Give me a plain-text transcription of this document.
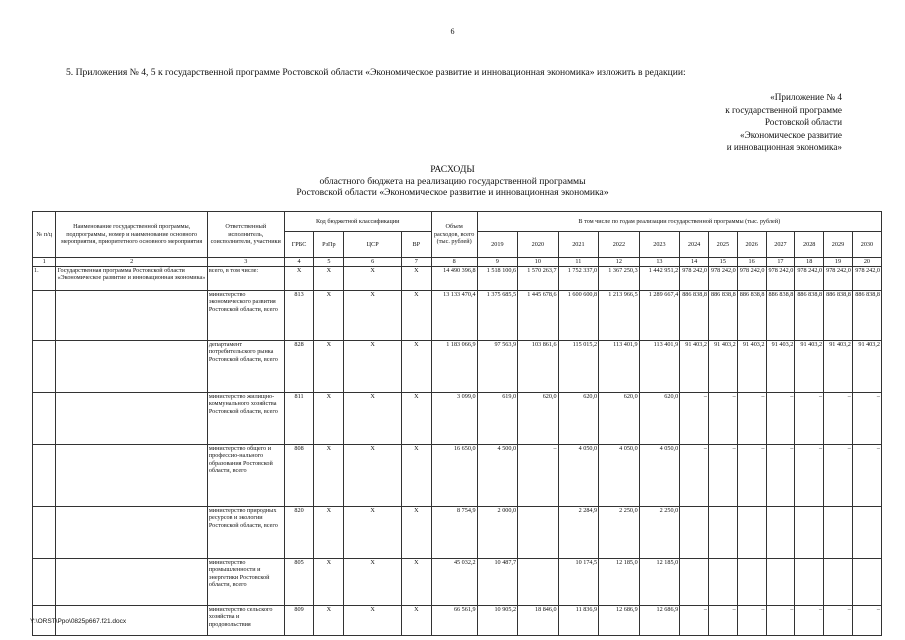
6
5. Приложения № 4, 5 к государственной программе Ростовской области «Экономическое развитие и инновационная экономика» изложить в редакции:
«Приложение № 4
к государственной программе
Ростовской области
«Экономическое развитие
и инновационная экономика»
РАСХОДЫ
областного бюджета на реализацию государственной программы
Ростовской области «Экономическое развитие и инновационная экономика»
№ п/ц	Наименование государственной программы, подпрограммы, номер и наименование основного мероприятия, приоритетного основного мероприятия	Ответственный исполнитель, соисполнители, участники	Код бюджетной классификации				Объем расходов, всего (тыс. рублей)	В том числе по годам реализации государственной программы (тыс. рублей)											
			ГРБС	РзПр	ЦСР	ВР		2019	2020	2021	2022	2023	2024	2025	2026	2027	2028	2029	2030
1	2	3	4	5	6	7	8	9	10	11	12	13	14	15	16	17	18	19	20
1.	Государственная программа Ростовской области «Экономическое развитие и инновационная экономика»	всего, в том числе:	X	X	X	X	14 490 396,8	1 518 100,6	1 570 263,7	1 752 337,0	1 367 250,3	1 442 951,2	978 242,0	978 242,0	978 242,0	978 242,0	978 242,0	978 242,0	978 242,0
		министерство экономического развития Ростовской области, всего	813	X	X	X	13 133 470,4	1 375 685,5	1 445 678,6	1 600 600,8	1 213 966,5	1 289 667,4	886 838,8	886 838,8	886 838,8	886 838,8	886 838,8	886 838,8	886 838,8
		департамент потребительского рынка Ростовской области, всего	828	X	X	X	1 183 066,9	97 563,9	103 861,6	115 015,2	113 401,9	113 401,9	91 403,2	91 403,2	91 403,2	91 403,2	91 403,2	91 403,2	91 403,2
		министерство жилищно-коммунального хозяйства Ростовской области, всего	811	X	X	X	3 099,0	619,0	620,0	620,0	620,0	620,0	–	–	–	–	–	–	–
		министерство общего и профессио-нального образования Ростовской области, всего	808	X	X	X	16 650,0	4 500,0	–	4 050,0	4 050,0	4 050,0	–	–	–	–	–	–	–
		министерство природных ресурсов и экологии Ростовской области, всего	820	X	X	X	8 754,9	2 000,0		2 284,9	2 250,0	2 250,0							
		министерство промышленности и энергетики Ростовской области, всего	805	X	X	X	45 032,2	10 487,7		10 174,5	12 185,0	12 185,0							
		министерство сельского хозяйства и продовольствия	809	X	X	X	66 561,9	10 905,2	18 846,0	11 836,9	12 686,9	12 686,9	–	–	–	–	–	–	–
Y:\ORST\Ppo\0825p667.f21.docx
